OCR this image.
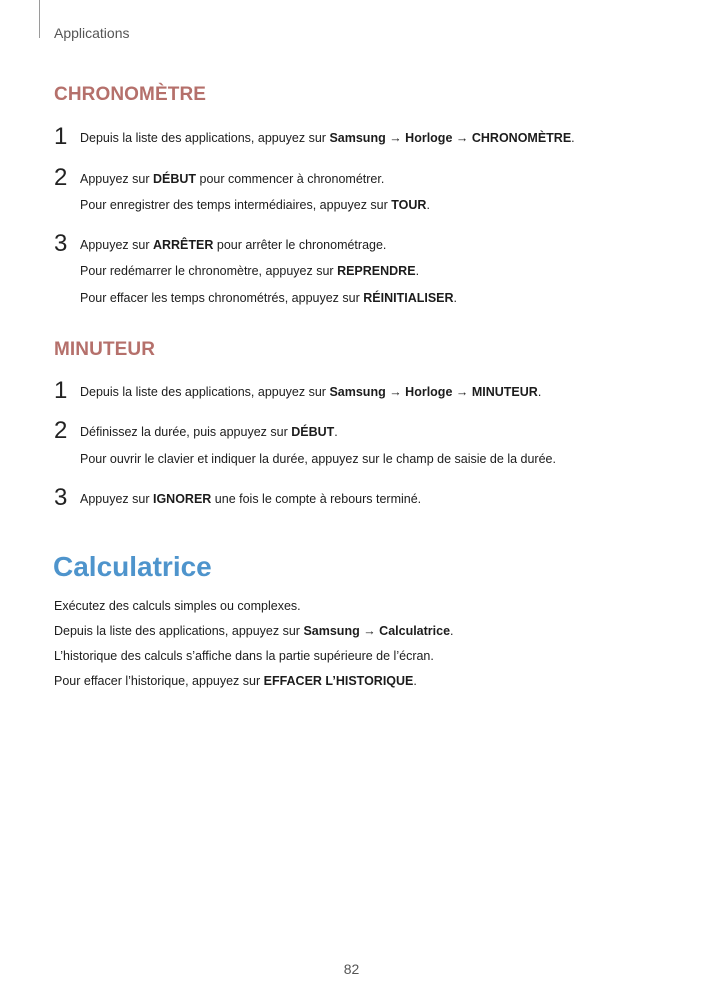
Applications
CHRONOMÈTRE
1	Depuis la liste des applications, appuyez sur Samsung → Horloge → CHRONOMÈTRE.
2	Appuyez sur DÉBUT pour commencer à chronométrer.
Pour enregistrer des temps intermédiaires, appuyez sur TOUR.
3	Appuyez sur ARRÊTER pour arrêter le chronométrage.
Pour redémarrer le chronomètre, appuyez sur REPRENDRE.
Pour effacer les temps chronométrés, appuyez sur RÉINITIALISER.
MINUTEUR
1	Depuis la liste des applications, appuyez sur Samsung → Horloge → MINUTEUR.
2	Définissez la durée, puis appuyez sur DÉBUT.
Pour ouvrir le clavier et indiquer la durée, appuyez sur le champ de saisie de la durée.
3	Appuyez sur IGNORER une fois le compte à rebours terminé.
Calculatrice
Exécutez des calculs simples ou complexes.
Depuis la liste des applications, appuyez sur Samsung → Calculatrice.
L’historique des calculs s’affiche dans la partie supérieure de l’écran.
Pour effacer l’historique, appuyez sur EFFACER L’HISTORIQUE.
82
